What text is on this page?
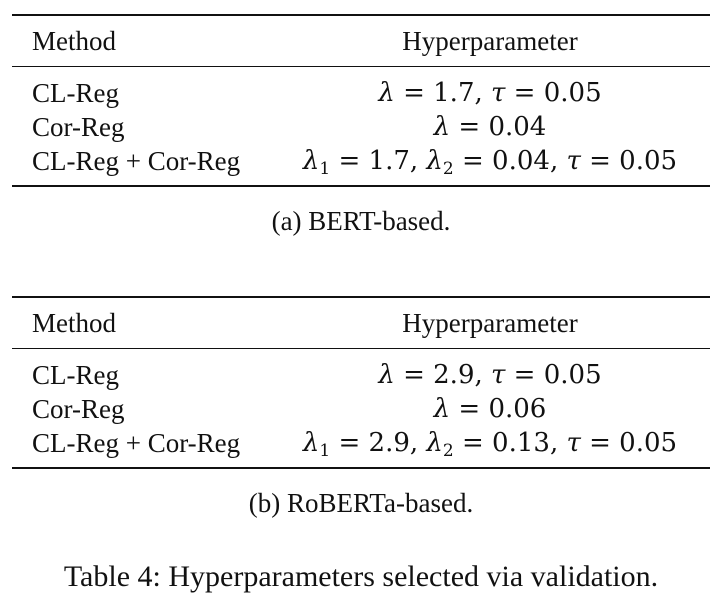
Method	Hyperparameter
CL-Reg	λ = 1.7, τ = 0.05
Cor-Reg	λ = 0.04
CL-Reg + Cor-Reg	$\lambda_1 = 1.7$, $\lambda_2 = 0.04$, τ = 0.05
(a) BERT-based.
Method	Hyperparameter
CL-Reg	λ = 2.9, τ = 0.05
Cor-Reg	λ = 0.06
CL-Reg + Cor-Reg	$\lambda_1 = 2.9$, $\lambda_2 = 0.13$, τ = 0.05
(b) RoBERTa-based.
Table 4: Hyperparameters selected via validation.
